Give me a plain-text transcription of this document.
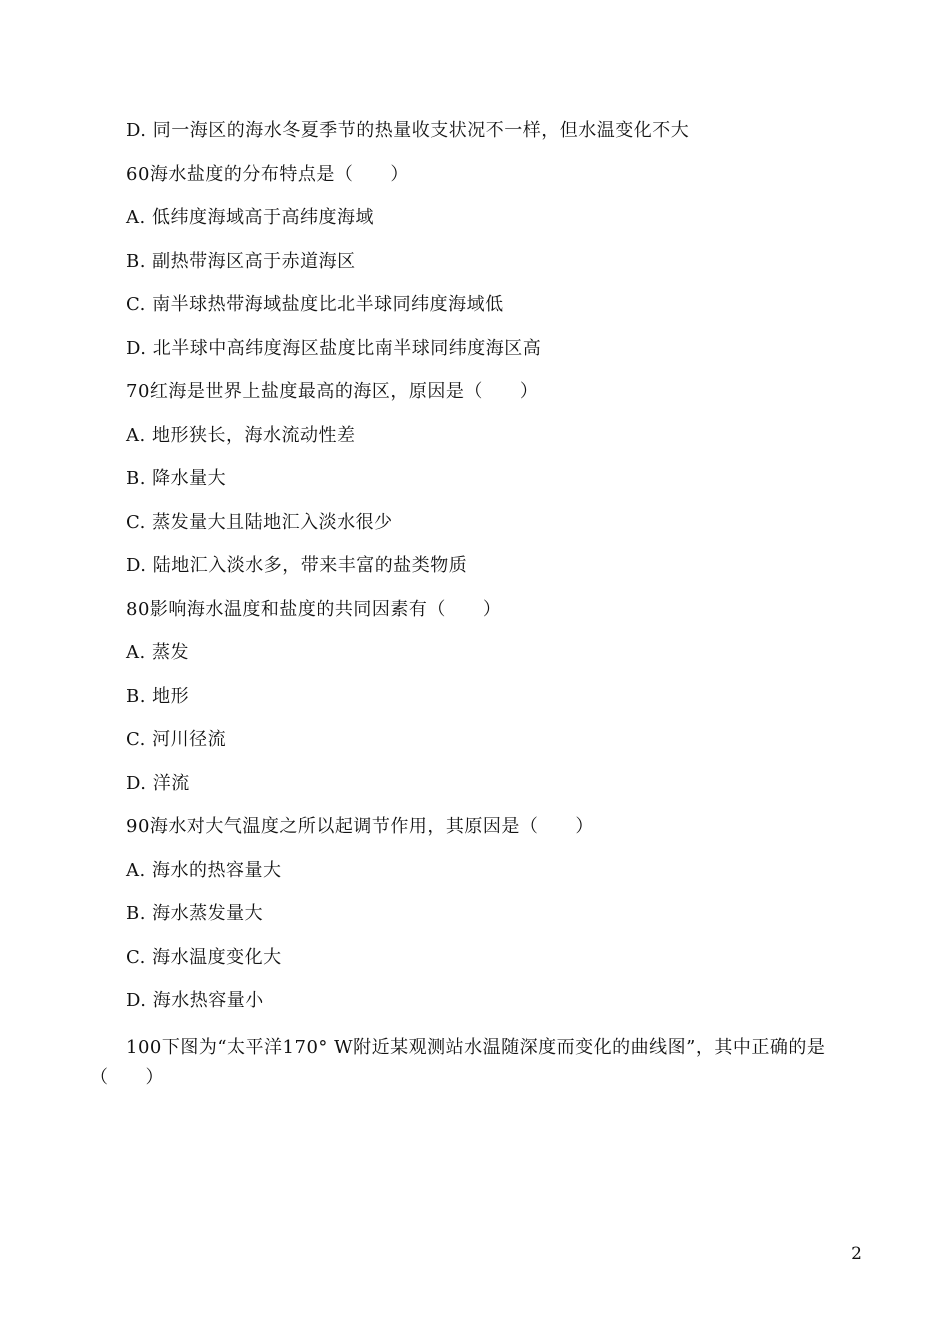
D. 同一海区的海水冬夏季节的热量收支状况不一样，但水温变化不大
60海水盐度的分布特点是（　　）
A. 低纬度海域高于高纬度海域
B. 副热带海区高于赤道海区
C. 南半球热带海域盐度比北半球同纬度海域低
D. 北半球中高纬度海区盐度比南半球同纬度海区高
70红海是世界上盐度最高的海区，原因是（　　）
A. 地形狭长，海水流动性差
B. 降水量大
C. 蒸发量大且陆地汇入淡水很少
D. 陆地汇入淡水多，带来丰富的盐类物质
80影响海水温度和盐度的共同因素有（　　）
A. 蒸发
B. 地形
C. 河川径流
D. 洋流
90海水对大气温度之所以起调节作用，其原因是（　　）
A. 海水的热容量大
B. 海水蒸发量大
C. 海水温度变化大
D. 海水热容量小
100下图为“太平洋170° W附近某观测站水温随深度而变化的曲线图”，其中正确的是（　　）
2
